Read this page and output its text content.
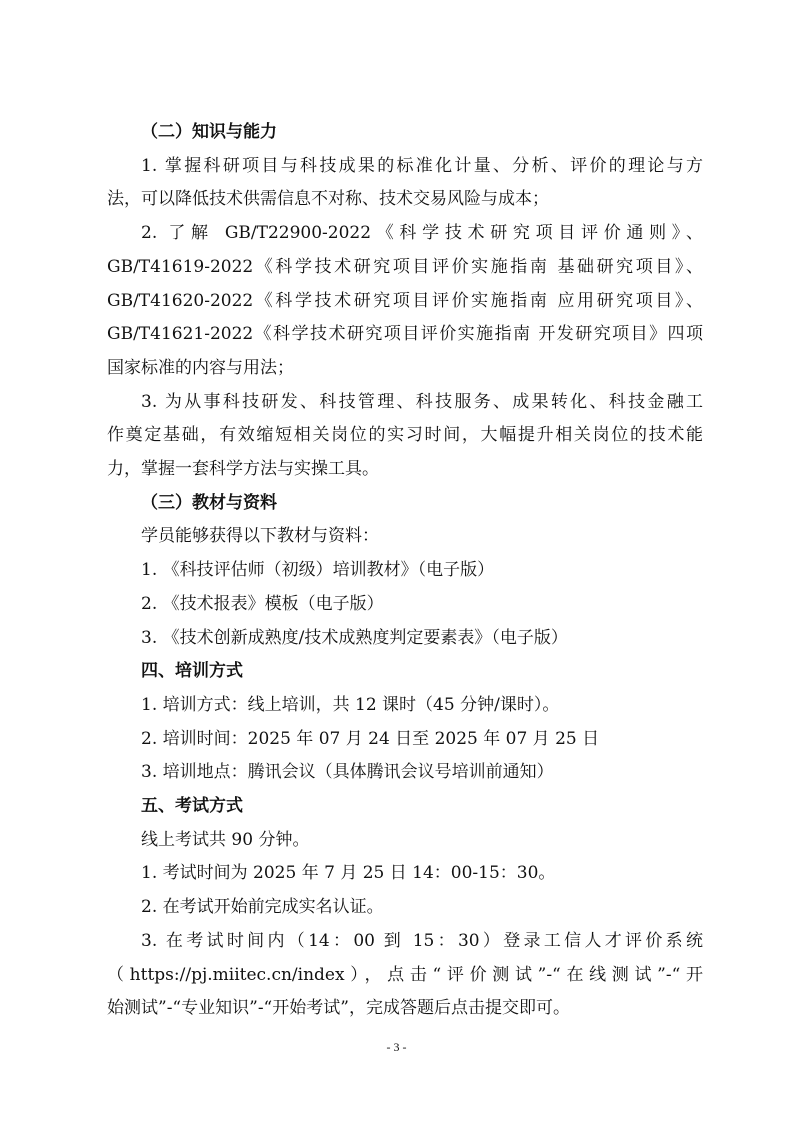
（二）知识与能力

1. 掌握科研项目与科技成果的标准化计量、分析、评价的理论与方

法，可以降低技术供需信息不对称、技术交易风险与成本；

2. 了解 GB/T22900-2022《科学技术研究项目评价通则》、

GB/T41619-2022《科学技术研究项目评价实施指南 基础研究项目》、

GB/T41620-2022《科学技术研究项目评价实施指南 应用研究项目》、

GB/T41621-2022《科学技术研究项目评价实施指南 开发研究项目》四项

国家标准的内容与用法；

3. 为从事科技研发、科技管理、科技服务、成果转化、科技金融工

作奠定基础，有效缩短相关岗位的实习时间，大幅提升相关岗位的技术能

力，掌握一套科学方法与实操工具。

（三）教材与资料

学员能够获得以下教材与资料：

1. 《科技评估师（初级）培训教材》（电子版）

2. 《技术报表》模板（电子版）

3. 《技术创新成熟度/技术成熟度判定要素表》（电子版）

四、培训方式

1. 培训方式：线上培训，共 12 课时（45 分钟/课时）。

2. 培训时间：2025 年 07 月 24 日至 2025 年 07 月 25 日

3. 培训地点：腾讯会议（具体腾讯会议号培训前通知）

五、考试方式

线上考试共 90 分钟。

1. 考试时间为 2025 年 7 月 25 日 14：00-15：30。

2. 在考试开始前完成实名认证。

3. 在考试时间内（14：00 到 15：30）登录工信人才评价系统

（https://pj.miitec.cn/index），点击“评价测试”-“在线测试”-“开

始测试”-“专业知识”-“开始考试”，完成答题后点击提交即可。

- 3 -
